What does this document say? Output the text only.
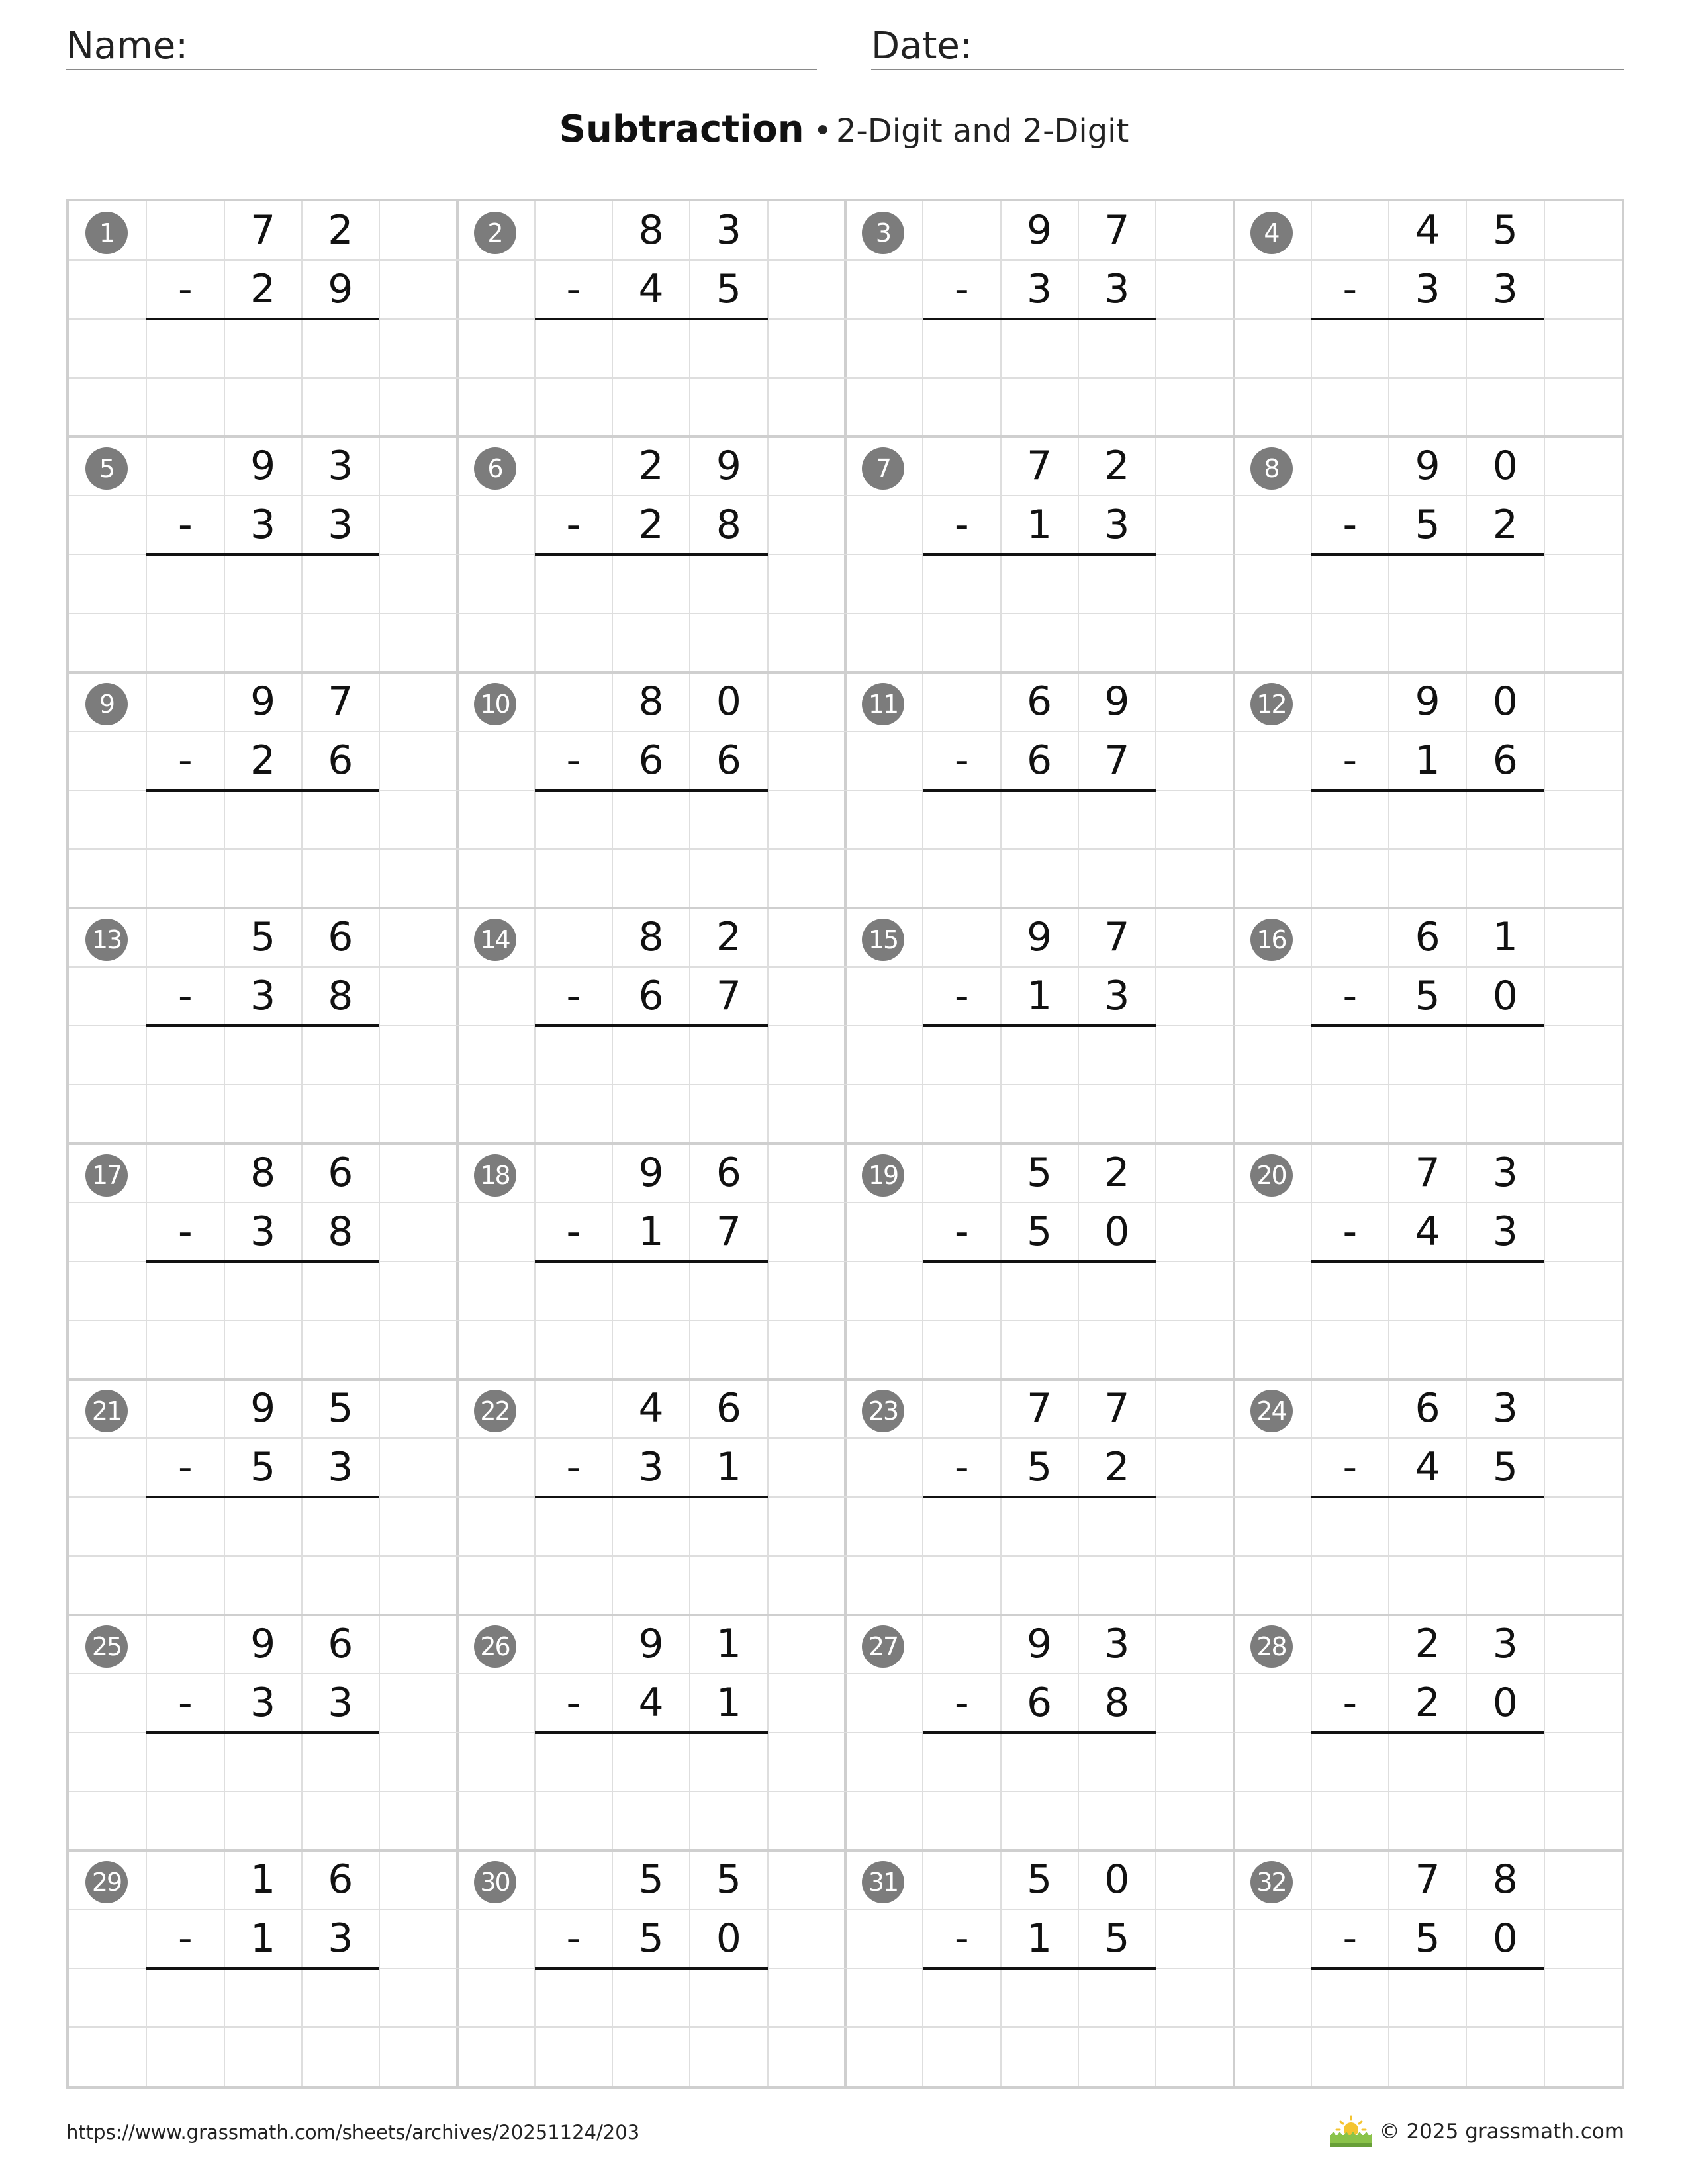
Name:	Date:
Subtraction • 2-Digit and 2-Digit
1	7	2
-	2	9
2	8	3
-	4	5
3	9	7
-	3	3
4	4	5
-	3	3
5	9	3
-	3	3
6	2	9
-	2	8
7	7	2
-	1	3
8	9	0
-	5	2
9	9	7
-	2	6
10	8	0
-	6	6
11	6	9
-	6	7
12	9	0
-	1	6
13	5	6
-	3	8
14	8	2
-	6	7
15	9	7
-	1	3
16	6	1
-	5	0
17	8	6
-	3	8
18	9	6
-	1	7
19	5	2
-	5	0
20	7	3
-	4	3
21	9	5
-	5	3
22	4	6
-	3	1
23	7	7
-	5	2
24	6	3
-	4	5
25	9	6
-	3	3
26	9	1
-	4	1
27	9	3
-	6	8
28	2	3
-	2	0
29	1	6
-	1	3
30	5	5
-	5	0
31	5	0
-	1	5
32	7	8
-	5	0
https://www.grassmath.com/sheets/archives/20251124/203	© 2025 grassmath.com
